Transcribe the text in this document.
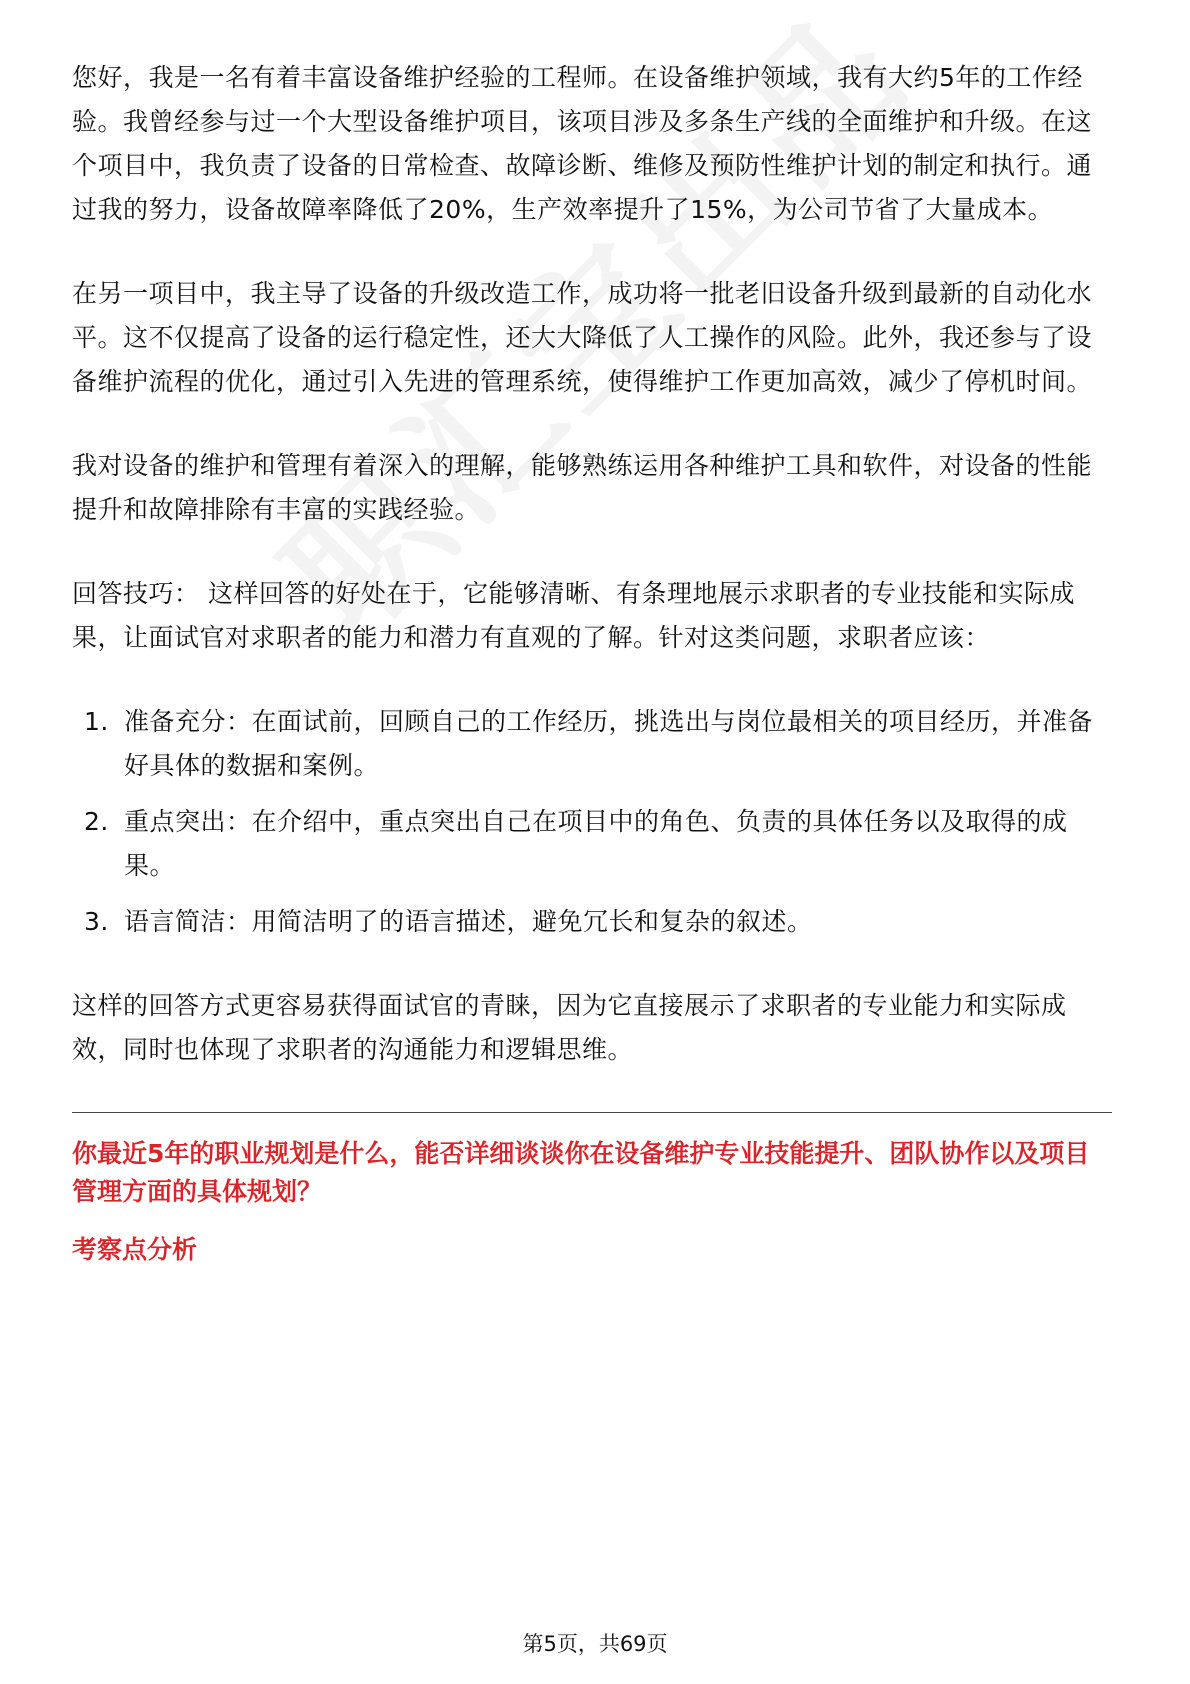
您好，我是一名有着丰富设备维护经验的工程师。在设备维护领域，我有大约5年的工作经验。我曾经参与过一个大型设备维护项目，该项目涉及多条生产线的全面维护和升级。在这个项目中，我负责了设备的日常检查、故障诊断、维修及预防性维护计划的制定和执行。通过我的努力，设备故障率降低了20%，生产效率提升了15%，为公司节省了大量成本。

在另一项目中，我主导了设备的升级改造工作，成功将一批老旧设备升级到最新的自动化水平。这不仅提高了设备的运行稳定性，还大大降低了人工操作的风险。此外，我还参与了设备维护流程的优化，通过引入先进的管理系统，使得维护工作更加高效，减少了停机时间。

我对设备的维护和管理有着深入的理解，能够熟练运用各种维护工具和软件，对设备的性能提升和故障排除有丰富的实践经验。

回答技巧： 这样回答的好处在于，它能够清晰、有条理地展示求职者的专业技能和实际成果，让面试官对求职者的能力和潜力有直观的了解。针对这类问题，求职者应该：

1. 准备充分：在面试前，回顾自己的工作经历，挑选出与岗位最相关的项目经历，并准备好具体的数据和案例。
2. 重点突出：在介绍中，重点突出自己在项目中的角色、负责的具体任务以及取得的成果。
3. 语言简洁：用简洁明了的语言描述，避免冗长和复杂的叙述。

这样的回答方式更容易获得面试官的青睐，因为它直接展示了求职者的专业能力和实际成效，同时也体现了求职者的沟通能力和逻辑思维。

你最近5年的职业规划是什么，能否详细谈谈你在设备维护专业技能提升、团队协作以及项目管理方面的具体规划？

考察点分析

第5页，共69页
